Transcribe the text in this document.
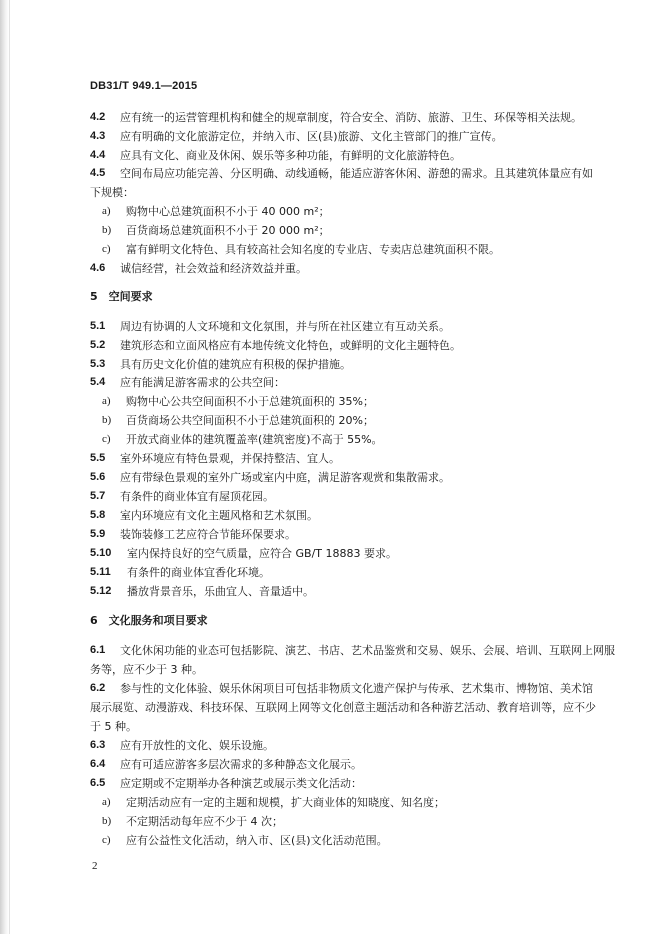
DB31/T 949.1—2015
4.2 应有统一的运营管理机构和健全的规章制度，符合安全、消防、旅游、卫生、环保等相关法规。
4.3 应有明确的文化旅游定位，并纳入市、区(县)旅游、文化主管部门的推广宣传。
4.4 应具有文化、商业及休闲、娱乐等多种功能，有鲜明的文化旅游特色。
4.5 空间布局应功能完善、分区明确、动线通畅，能适应游客休闲、游憩的需求。且其建筑体量应有如
下规模：
a) 购物中心总建筑面积不小于 40 000 m²；
b) 百货商场总建筑面积不小于 20 000 m²；
c) 富有鲜明文化特色、具有较高社会知名度的专业店、专卖店总建筑面积不限。
4.6 诚信经营，社会效益和经济效益并重。
5　空间要求
5.1 周边有协调的人文环境和文化氛围，并与所在社区建立有互动关系。
5.2 建筑形态和立面风格应有本地传统文化特色，或鲜明的文化主题特色。
5.3 具有历史文化价值的建筑应有积极的保护措施。
5.4 应有能满足游客需求的公共空间：
a) 购物中心公共空间面积不小于总建筑面积的 35%；
b) 百货商场公共空间面积不小于总建筑面积的 20%；
c) 开放式商业体的建筑覆盖率(建筑密度)不高于 55%。
5.5 室外环境应有特色景观，并保持整洁、宜人。
5.6 应有带绿色景观的室外广场或室内中庭，满足游客观赏和集散需求。
5.7 有条件的商业体宜有屋顶花园。
5.8 室内环境应有文化主题风格和艺术氛围。
5.9 装饰装修工艺应符合节能环保要求。
5.10 室内保持良好的空气质量，应符合 GB/T 18883 要求。
5.11 有条件的商业体宜香化环境。
5.12 播放背景音乐，乐曲宜人、音量适中。
6　文化服务和项目要求
6.1 文化休闲功能的业态可包括影院、演艺、书店、艺术品鉴赏和交易、娱乐、会展、培训、互联网上网服
务等，应不少于 3 种。
6.2 参与性的文化体验、娱乐休闲项目可包括非物质文化遗产保护与传承、艺术集市、博物馆、美术馆
展示展览、动漫游戏、科技环保、互联网上网等文化创意主题活动和各种游艺活动、教育培训等，应不少
于 5 种。
6.3 应有开放性的文化、娱乐设施。
6.4 应有可适应游客多层次需求的多种静态文化展示。
6.5 应定期或不定期举办各种演艺或展示类文化活动：
a) 定期活动应有一定的主题和规模，扩大商业体的知晓度、知名度；
b) 不定期活动每年应不少于 4 次；
c) 应有公益性文化活动，纳入市、区(县)文化活动范围。
2
